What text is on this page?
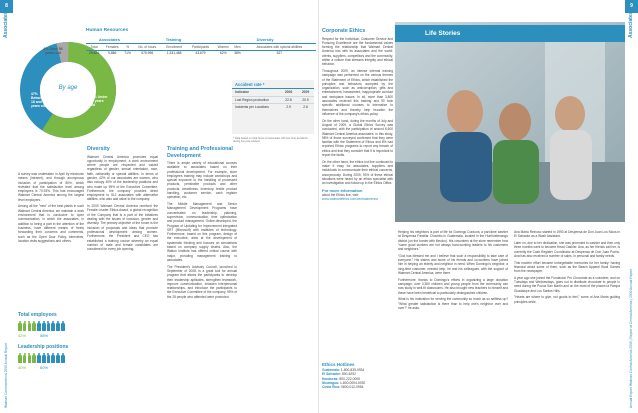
8
Associates
Walmart Centroamérica 2009 Annual Report
By age
37% Between 18 and 35 years old
59% Under 18 years old
4% Over 56 years old
Human Resources
Associates			Training			Diversity		
Total	Females	%	No. of hours	Enrollment	Participants	Women	Men	Associates with special abilities
29,624	9,886	71%	575,996	1,331,488	43,679	62%	38%	527
Accident rate *
Indicator	2008	2009
Lost Region production	22.8	20.9
Incidents per Locations	2.9	2.6
* Data based on total hours of associates with lost time accidents during the year worked.

A survey was undertaken in April by electronic means (intranet), and through anonymous inclusion of participation of 80%, which revealed that the satisfaction level among employees is 70.93%. This has encouraged Walmart Central America among the largest level employers.

Among all the "new" of the best plants in such Walmart Central America, we maintain a work environment that is conducive to open communication, in which the associates, in addition to being a part in the attention of the business, have different means of freely forwarding their concerns and comments, such as the Open Door Policy, interviews, location visits suggestions and others.

Total employees
42%	58%
Leadership positions
40%	60%
Diversity

Walmart Central America promotes equal opportunity in employment, a work environment where people are respected and valued regardless of gender, sexual orientation, race, faith, nationality or special abilities. In terms of gender, 42% of our associates are women, who also occupy 40% of the leadership positions and who make up 59% of the Executive Committee. Furthermore, the company provides direct employment to 512 associates with alternative abilities, who also add value to the company.

In 2009 Walmart Central America received the Female Leader Ethics Award, a global recognition of the Company that is a part of the initiatives dealing with the issues of inclusion, gender and diversity. The primary objective of the forum is the inclusion of proposals and ideas that promote professional development among women. Furthermore, the President and CEO has established a training course whereby an equal number of male and female candidates are considered for every job opening.

Training and Professional Development

There is ample variety of educational courses available to associates based on their professional development. For example, store employees training may include workshops and special exposure to the handling of processed products, perishable products and other products, cleanliness, inventory, textile product handling, customer service, cash register operation, etc.

The Middle Management and Senior Management Development Programs have concentrated on leadership, planning, supervision, communication, time optimization and product management. Online-developed, the Program of Updating for Improvement integrated SRT (Microsoft) with institutes of technology. Furthermore, based on this program, design of the executive, aims at the development of systematic thinking and focuses on simulations based on company supply chains. Also, the Walton Institute has offered critical course with major, providing management training to associates.

The President's Advisory Council, launched in September of 2008, is a great tool for annual program that allows the participants to develop their leadership aptitudes, strengthen teamwork, improve communication, broaden interpersonal relationships, and introduce the participants to the Executive Committee of the company. 99% of the 28 people who attended were promoted.

9
Associates
Annual Report Walmart Central America 2009 | Report of Central America | 2009 Annual Report
Corporate Ethics

Respect for the Individual, Customer Service and Pursuing Excellence are the fundamental values forming the relationship that Walmart Central America has with its associates and the world: clients, suppliers, competitors and the community, within a culture that stresses integrity and ethical behavior.

Throughout 2009, an intense internal training campaign was performed on the various themes of the Statement of Ethics, which established the principles and behaviors accepted by the organization, such as anticorruption, gifts and entertainment, harassment, inappropriate conduct and workplace issues. In all, more than 3,800 associates received this training and 90 took specific additional courses to internalize to themselves and thereby help broaden the influence of the company's ethics policy.

On the other hand, during the months of July and August of 2009, a Global Ethics Survey was conducted, with the participation of around 6,600 Walmart Central America associates. In this study, 98% of those surveyed confirmed that they were familiar with the Statement of Ethics and 8% had reported Ethics programs to report any breach of ethics and that they consider that it is important to report the faults.

On the other hand, the ethics hot line continued to make it easy for associates, suppliers and individuals to communicate their ethical concerns, anonymously. During 2009, 93% of these ethical situations were heard by an ethics specialist with an investigation and follow-up in the Ethics Office.

For more information
about the Ethics line, visit:
www.walmartethics.com/centralamerica
Ethics Hotlines
Guatemala: 1-800-835-0934
El Salvador: 800-6292
Honduras: 800-222-0005
Nicaragua: 1-800-0094-0092
Costa Rica: 0800-012-0954
Life Stories

Helping his neighbors is part of life for Domingo Cordova, a part-time cashier at Despensa Familiar Chuchito in Guatemala, located in the Huehuetenango district (on the border with Mexico). His coworkers at the store remember how "some good workers are not always hard-working leaders to his customers and neighbors."

"God has blessed me and I believe that such a responsibility to take care of everyone." His sisters and some of his friends and co-workers have joined him in helping an elderly and neighbor in need. When Domingo's neighbor, a long-time customer, needed help, he and his colleagues, with the support of Walmart Central America, were there.

Furthermore, thanks to Domingo's efforts in organizing a large donation campaign, over 3,500 children and young people from the community can now study in well-fit classrooms. He also brought new teachers to himself and these have been beneficial to particularly distinguished children.

What is his motivation for serving the community so much as so selfless up? "What greater satisfaction is there than to help one's neighbor over and over?" he asks.

Ana Marta Reinoso started in 1993 at Despensa de Don Juan Los Nicos in El Salvador as a Wash Assistant.

Later on, due to her dedication, she was promoted to cashier and then only three months went to become Head Cashier. Ana, as her friends call her, is currently the Cash Register Coordinator at Despensa de Don Juan Pocho. Ana has also received a number of sales, in personal and family needs.

This modern effort became unforgettable memories for her family: having financial about some of them, such as the Beach Apparel Bowl Games from the newspaper.

A year ago she joined the Fundacion Pro Chocolate as a volunteer, and on Tuesdays and Wednesdays, goes out to distribute chocolate to people in need during the Pocoa San Martin and on the most of the places la Pampa Guadalupe and Los Santos Hills.

"Hearts are where to give, not goods to feel," some of Ana Marta guiding principles while.
